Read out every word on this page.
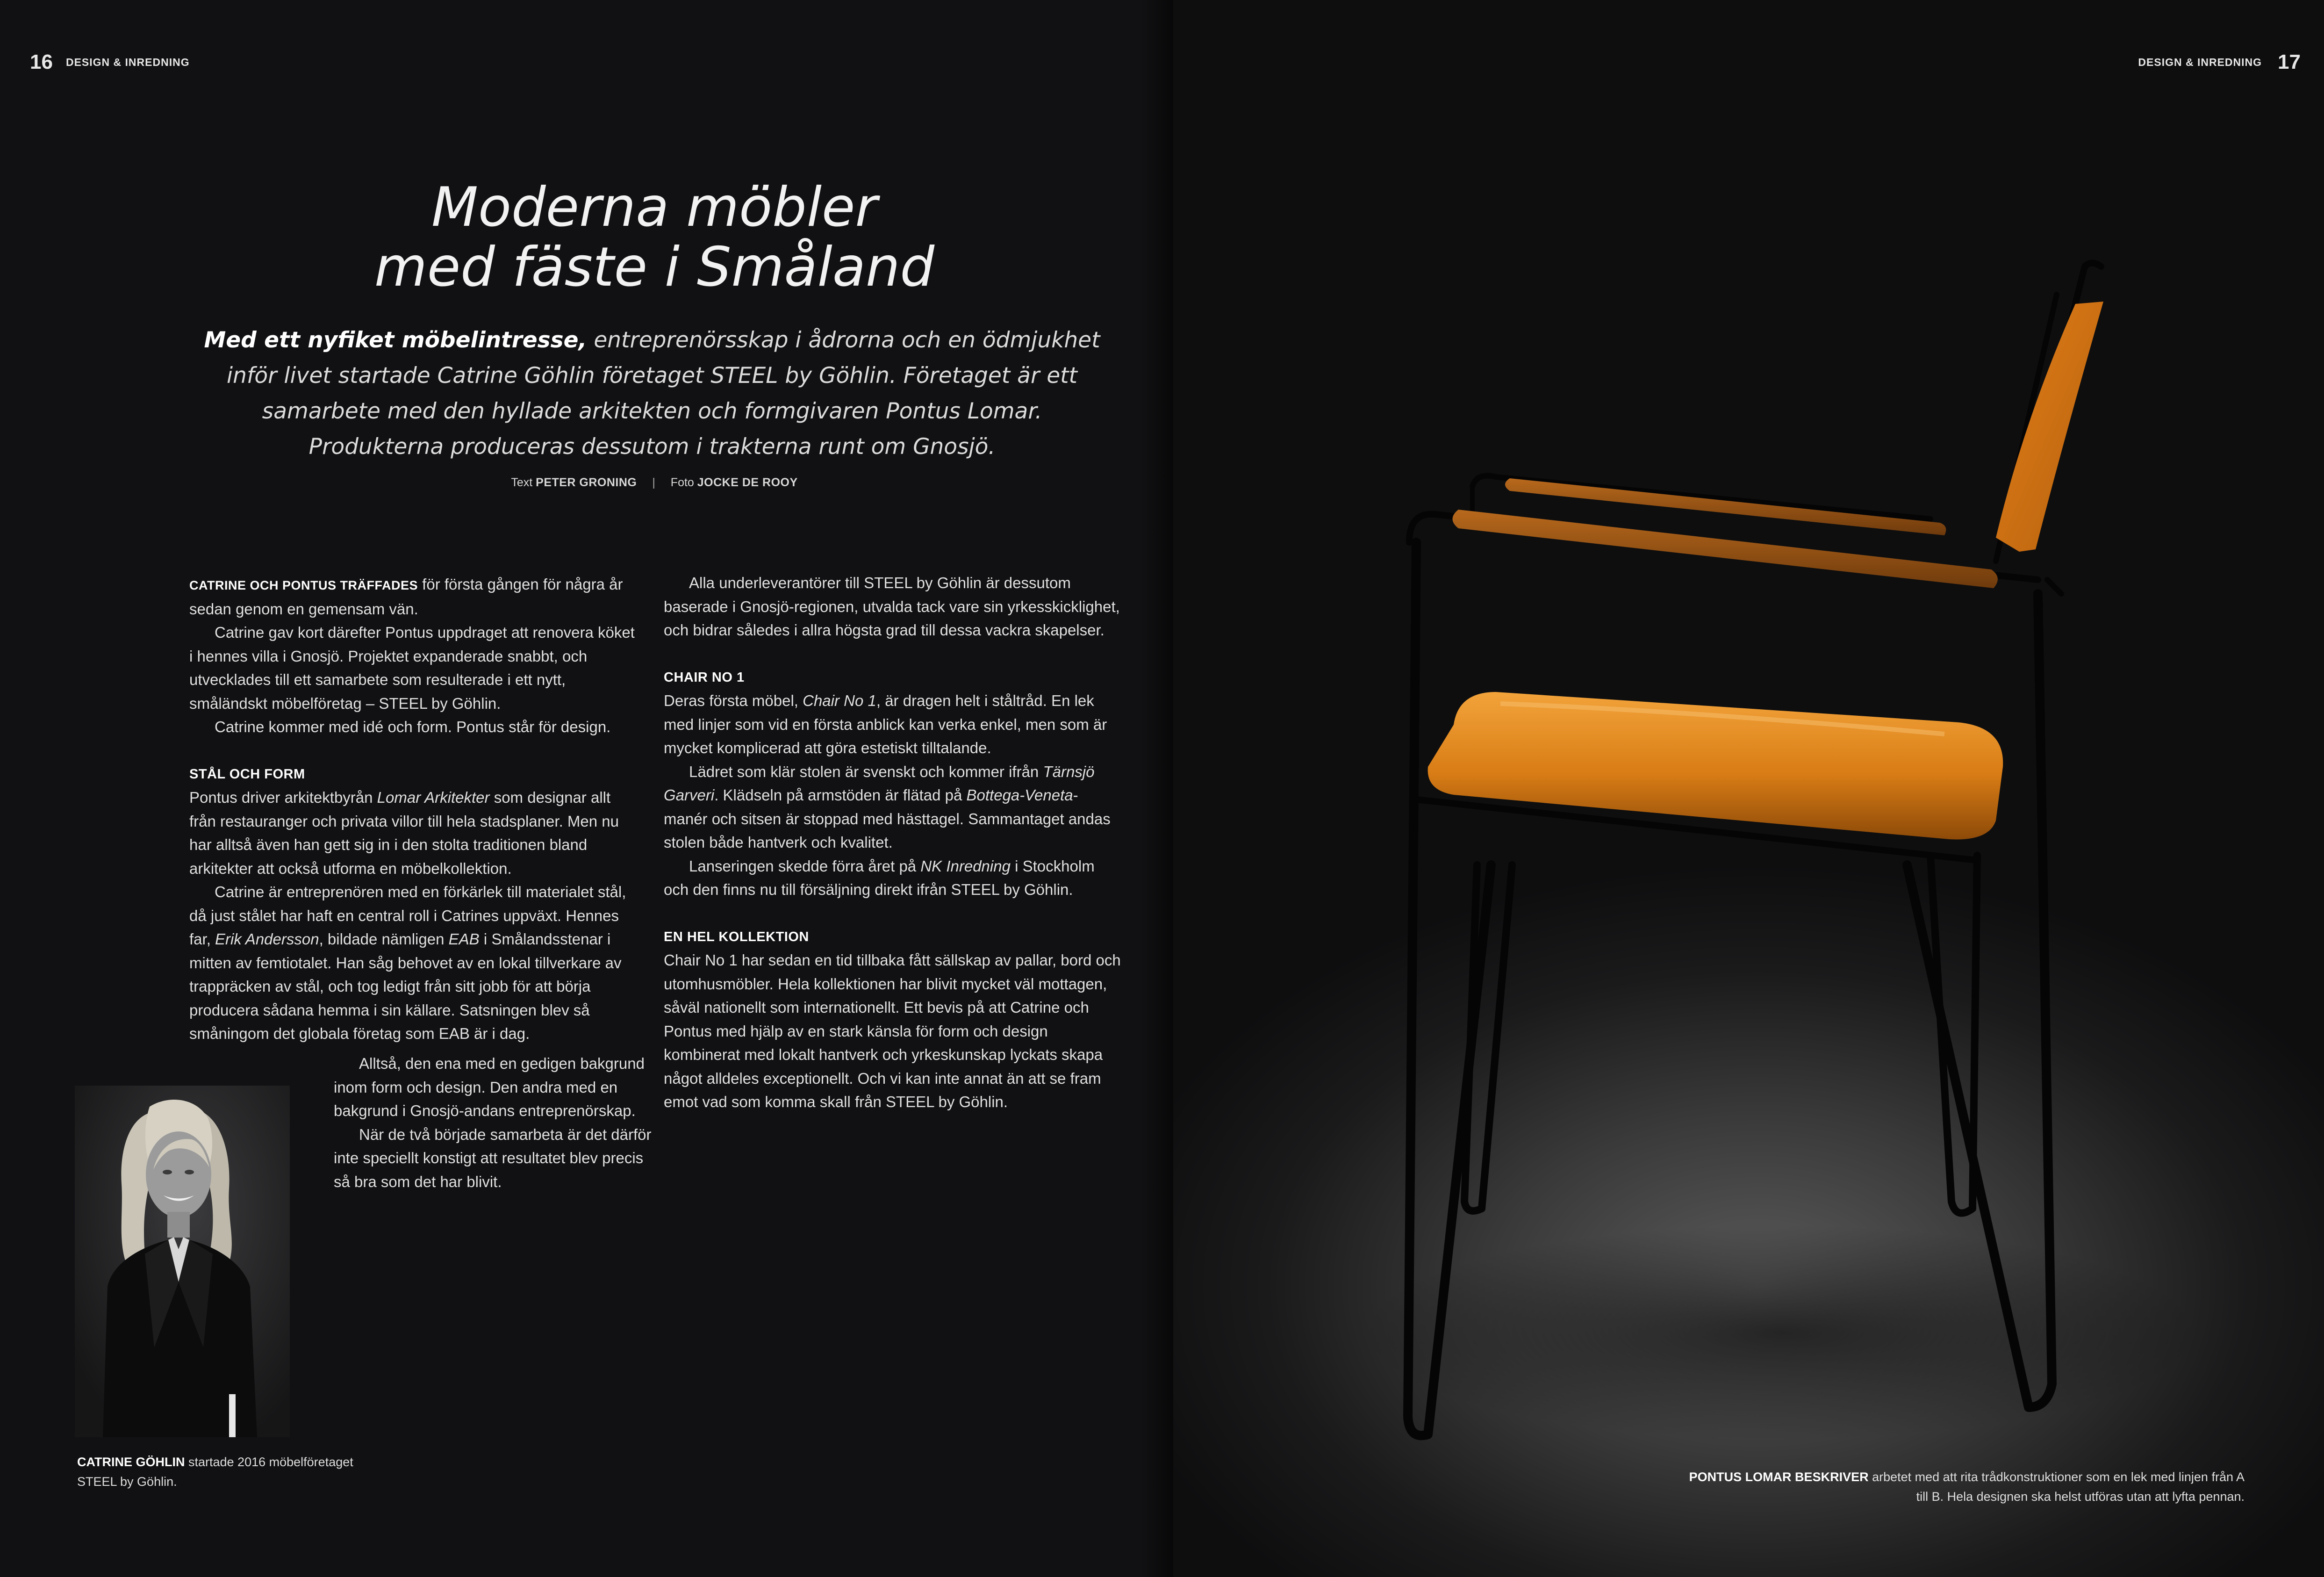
16 DESIGN & INREDNING
Moderna möbler
med fäste i Småland
Med ett nyfiket möbelintresse, entreprenörsskap i ådrorna och en ödmjukhet inför livet startade Catrine Göhlin företaget STEEL by Göhlin. Företaget är ett samarbete med den hyllade arkitekten och formgivaren Pontus Lomar. Produkterna produceras dessutom i trakterna runt om Gnosjö.
Text PETER GRONING | Foto JOCKE DE ROOY

CATRINE OCH PONTUS TRÄFFADES för första gången för några år sedan genom en gemensam vän.

Catrine gav kort därefter Pontus uppdraget att renovera köket i hennes villa i Gnosjö. Projektet expanderade snabbt, och utvecklades till ett samarbete som resulterade i ett nytt, småländskt möbelföretag – STEEL by Göhlin.

Catrine kommer med idé och form. Pontus står för design.

STÅL OCH FORM

Pontus driver arkitektbyrån Lomar Arkitekter som designar allt från restauranger och privata villor till hela stadsplaner. Men nu har alltså även han gett sig in i den stolta traditionen bland arkitekter att också utforma en möbelkollektion.

Catrine är entreprenören med en förkärlek till materialet stål, då just stålet har haft en central roll i Catrines uppväxt. Hennes far, Erik Andersson, bildade nämligen EAB i Smålandsstenar i mitten av femtiotalet. Han såg behovet av en lokal tillverkare av trappräcken av stål, och tog ledigt från sitt jobb för att börja producera sådana hemma i sin källare. Satsningen blev så småningom det globala företag som EAB är i dag.

Alltså, den ena med en gedigen bakgrund inom form och design. Den andra med en bakgrund i Gnosjö-andans entreprenörskap.

När de två började samarbeta är det därför inte speciellt konstigt att resultatet blev precis så bra som det har blivit.

Alla underleverantörer till STEEL by Göhlin är dessutom baserade i Gnosjö-regionen, utvalda tack vare sin yrkesskicklighet, och bidrar således i allra högsta grad till dessa vackra skapelser.

CHAIR NO 1

Deras första möbel, Chair No 1, är dragen helt i ståltråd. En lek med linjer som vid en första anblick kan verka enkel, men som är mycket komplicerad att göra estetiskt tilltalande.

Lädret som klär stolen är svenskt och kommer ifrån Tärnsjö Garveri. Klädseln på armstöden är flätad på Bottega-Veneta-manér och sitsen är stoppad med hästtagel. Sammantaget andas stolen både hantverk och kvalitet.

Lanseringen skedde förra året på NK Inredning i Stockholm och den finns nu till försäljning direkt ifrån STEEL by Göhlin.

EN HEL KOLLEKTION

Chair No 1 har sedan en tid tillbaka fått sällskap av pallar, bord och utomhusmöbler. Hela kollektionen har blivit mycket väl mottagen, såväl nationellt som internationellt. Ett bevis på att Catrine och Pontus med hjälp av en stark känsla för form och design kombinerat med lokalt hantverk och yrkeskunskap lyckats skapa något alldeles exceptionellt. Och vi kan inte annat än att se fram emot vad som komma skall från STEEL by Göhlin.

CATRINE GÖHLIN startade 2016 möbelföretaget STEEL by Göhlin.
DESIGN & INREDNING 17
PONTUS LOMAR BESKRIVER arbetet med att rita trådkonstruktioner som en lek med linjen från A till B. Hela designen ska helst utföras utan att lyfta pennan.
